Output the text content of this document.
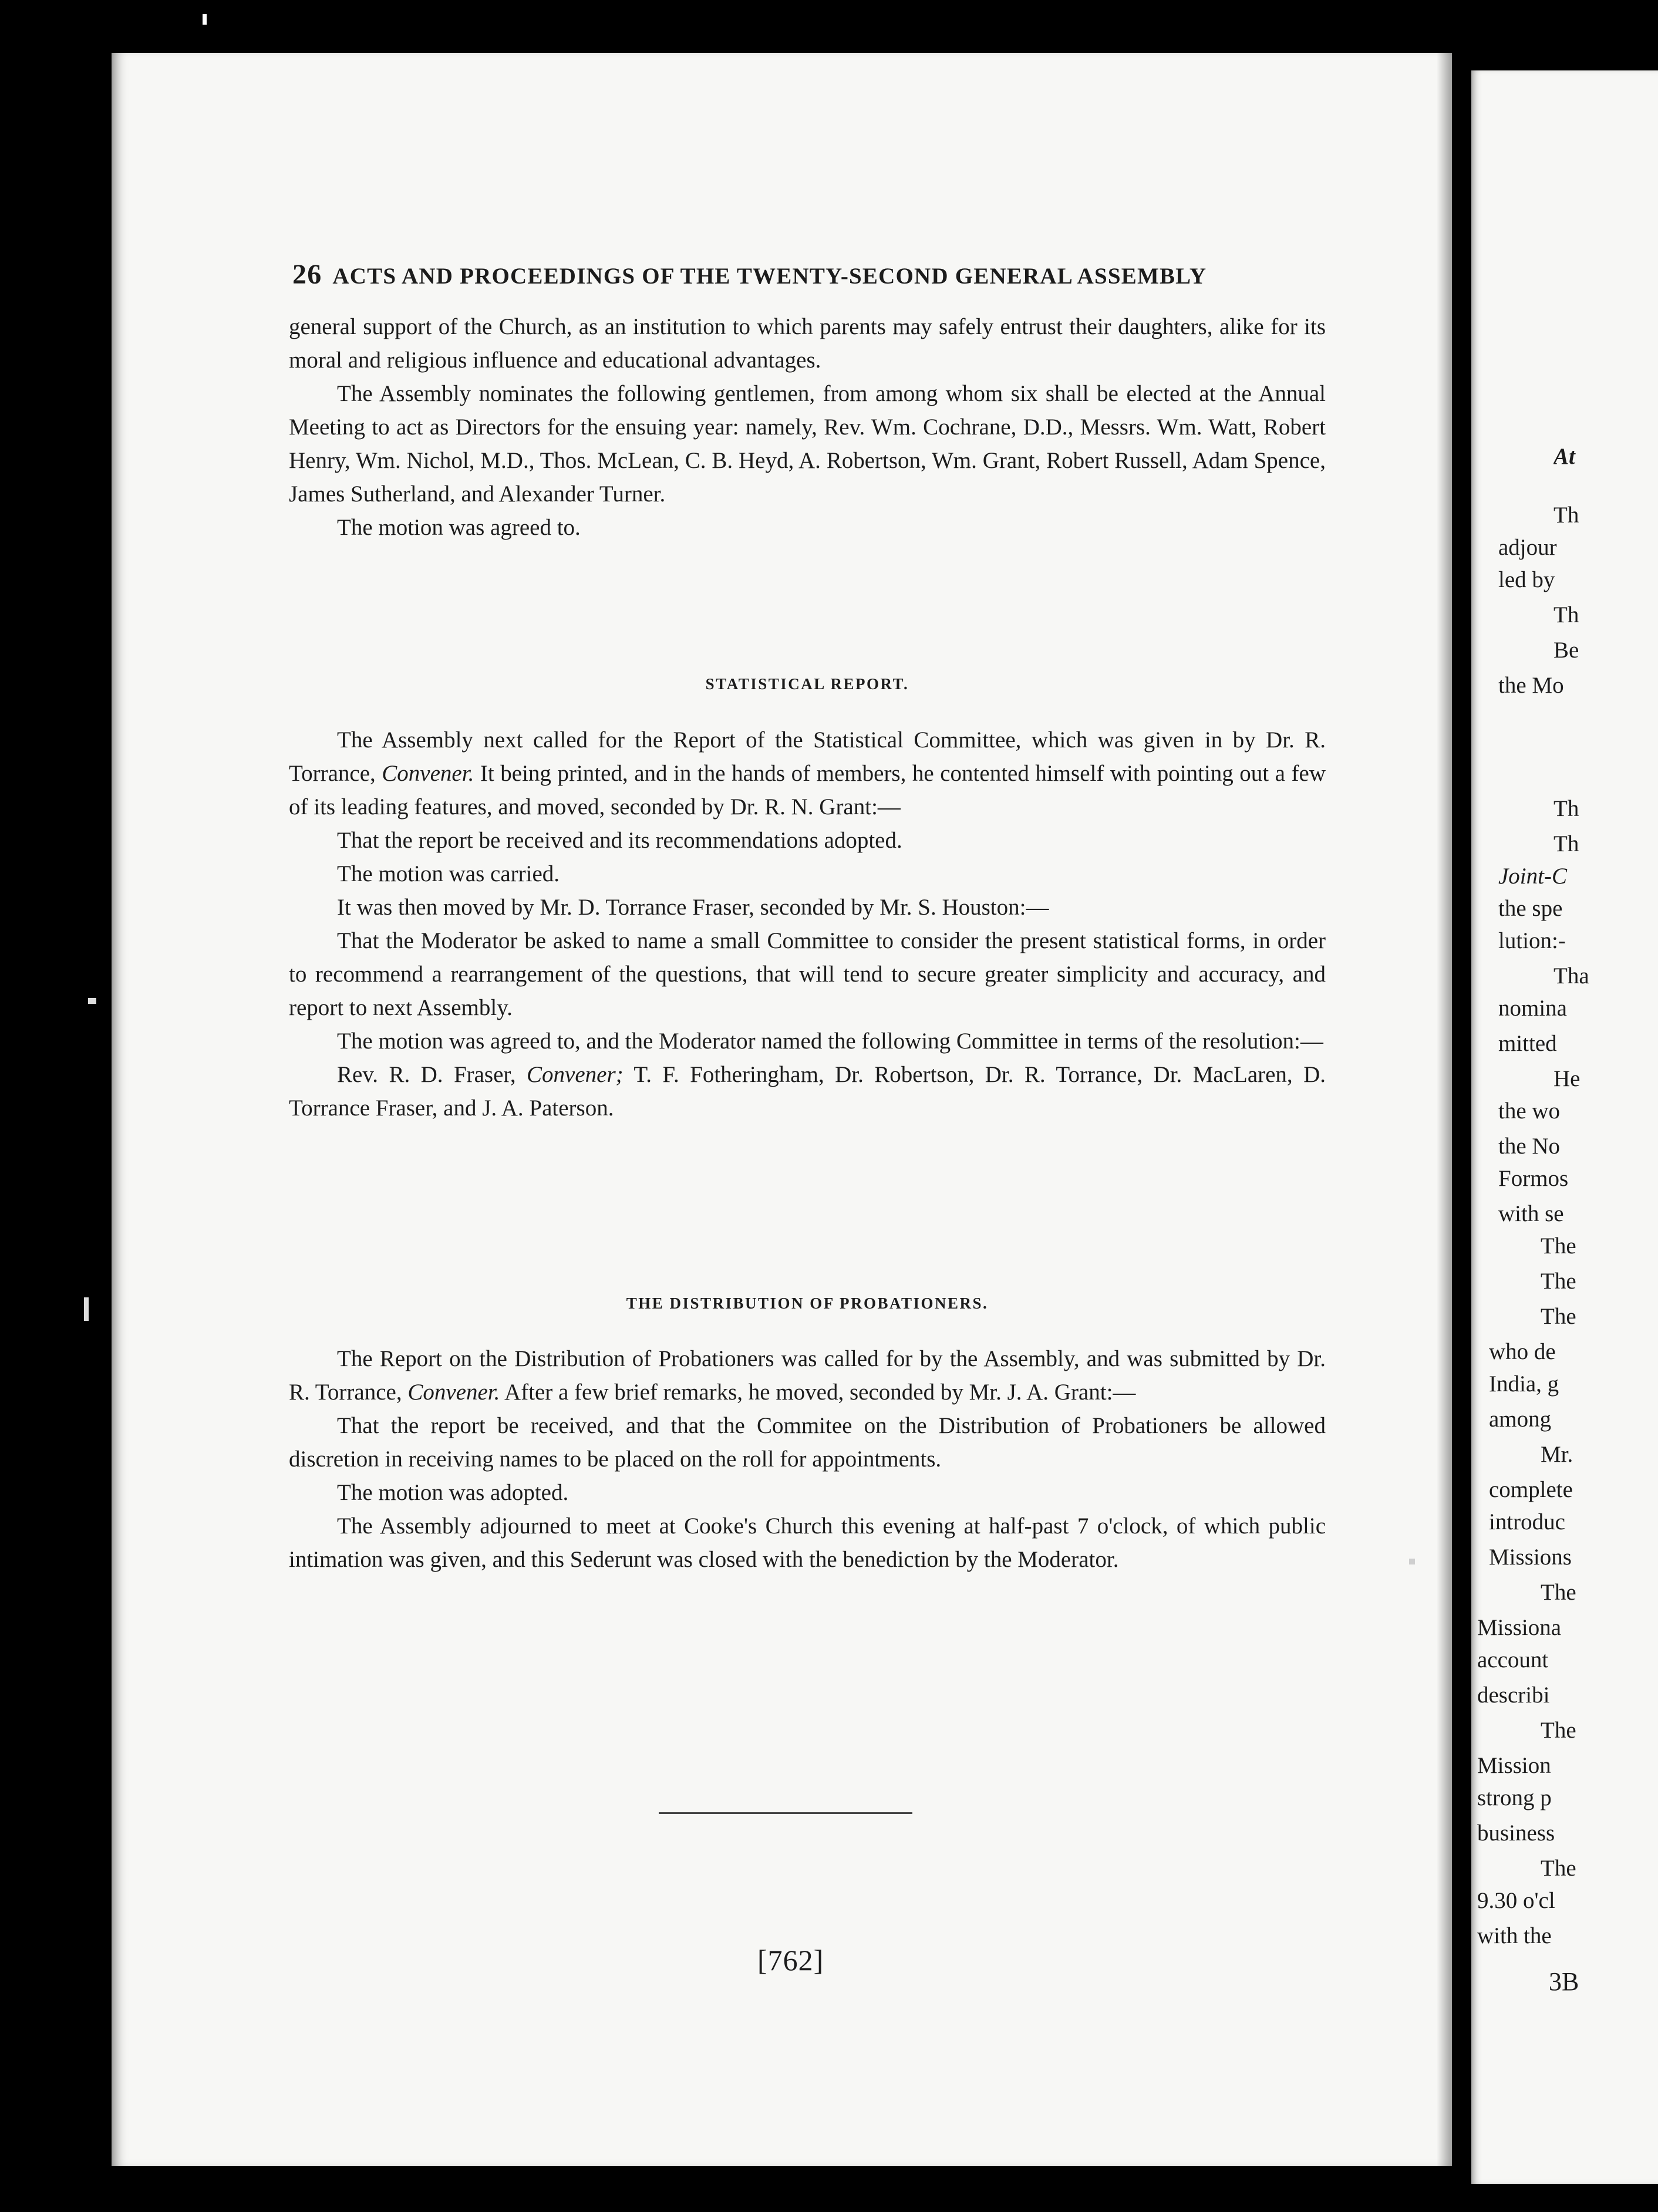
At
Th
adjour
led by
Th
Be
the Mo
Th
Th
Joint-C
the spe
lution:-
Tha
nomina
mitted
He
the wo
the No
Formos
with se
The
The
The
who de
India, g
among
Mr.
complete
introduc
Missions
The
Missiona
account
describi
The
Mission
strong p
business
The
9.30 o'cl
with the
3B
26 ACTS AND PROCEEDINGS OF THE TWENTY-SECOND GENERAL ASSEMBLY

general support of the Church, as an institution to which parents may safely entrust their daughters, alike for its moral and religious influence and educational advantages.

The Assembly nominates the following gentlemen, from among whom six shall be elected at the Annual Meeting to act as Directors for the ensuing year: namely, Rev. Wm. Cochrane, D.D., Messrs. Wm. Watt, Robert Henry, Wm. Nichol, M.D., Thos. McLean, C. B. Heyd, A. Robertson, Wm. Grant, Robert Russell, Adam Spence, James Sutherland, and Alexander Turner.

The motion was agreed to.

STATISTICAL REPORT.

The Assembly next called for the Report of the Statistical Committee, which was given in by Dr. R. Torrance, Convener. It being printed, and in the hands of members, he contented himself with pointing out a few of its leading features, and moved, seconded by Dr. R. N. Grant:—

That the report be received and its recommendations adopted.

The motion was carried.

It was then moved by Mr. D. Torrance Fraser, seconded by Mr. S. Houston:—

That the Moderator be asked to name a small Committee to consider the present statistical forms, in order to recommend a rearrangement of the questions, that will tend to secure greater simplicity and accuracy, and report to next Assembly.

The motion was agreed to, and the Moderator named the following Committee in terms of the resolution:—

Rev. R. D. Fraser, Convener; T. F. Fotheringham, Dr. Robertson, Dr. R. Torrance, Dr. MacLaren, D. Torrance Fraser, and J. A. Paterson.

THE DISTRIBUTION OF PROBATIONERS.

The Report on the Distribution of Probationers was called for by the Assembly, and was submitted by Dr. R. Torrance, Convener. After a few brief remarks, he moved, seconded by Mr. J. A. Grant:—

That the report be received, and that the Commitee on the Distribution of Probationers be allowed discretion in receiving names to be placed on the roll for appointments.

The motion was adopted.

The Assembly adjourned to meet at Cooke's Church this evening at half-past 7 o'clock, of which public intimation was given, and this Sederunt was closed with the benediction by the Moderator.

[762]
